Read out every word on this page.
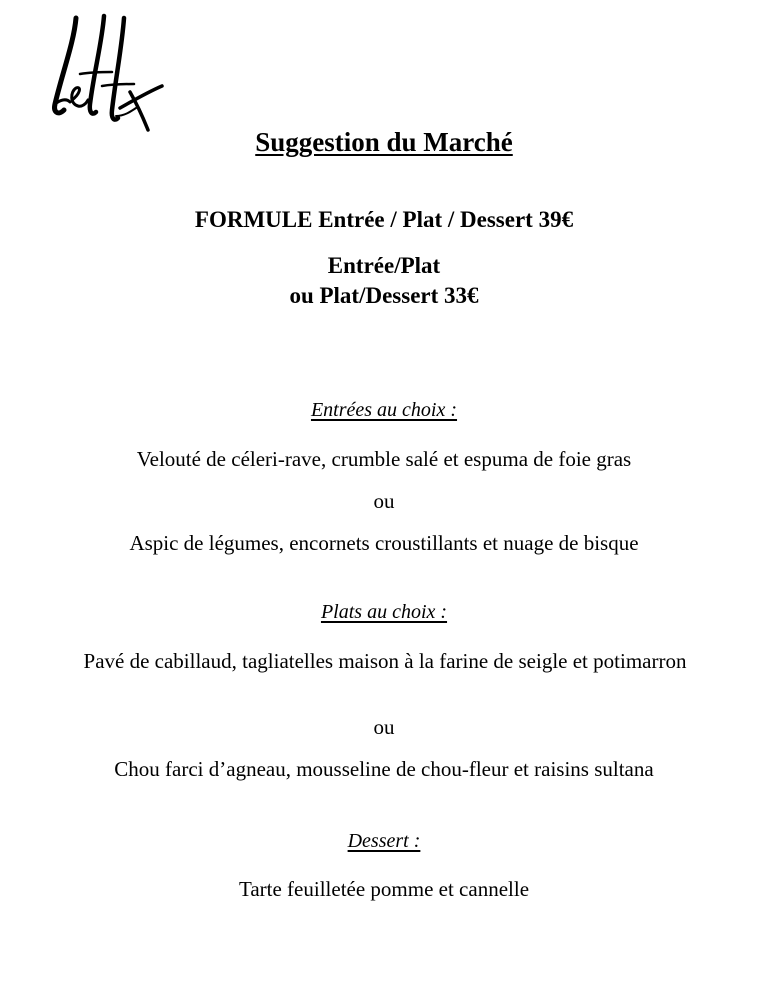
Suggestion du Marché
FORMULE Entrée / Plat / Dessert 39€
Entrée/Plat
ou Plat/Dessert 33€
Entrées au choix :
Velouté de céleri-rave, crumble salé et espuma de foie gras
ou
Aspic de légumes, encornets croustillants et nuage de bisque
Plats au choix :
Pavé de cabillaud, tagliatelles maison à la farine de seigle et potimarron
ou
Chou farci d’agneau, mousseline de chou-fleur et raisins sultana
Dessert :
Tarte feuilletée pomme et cannelle
